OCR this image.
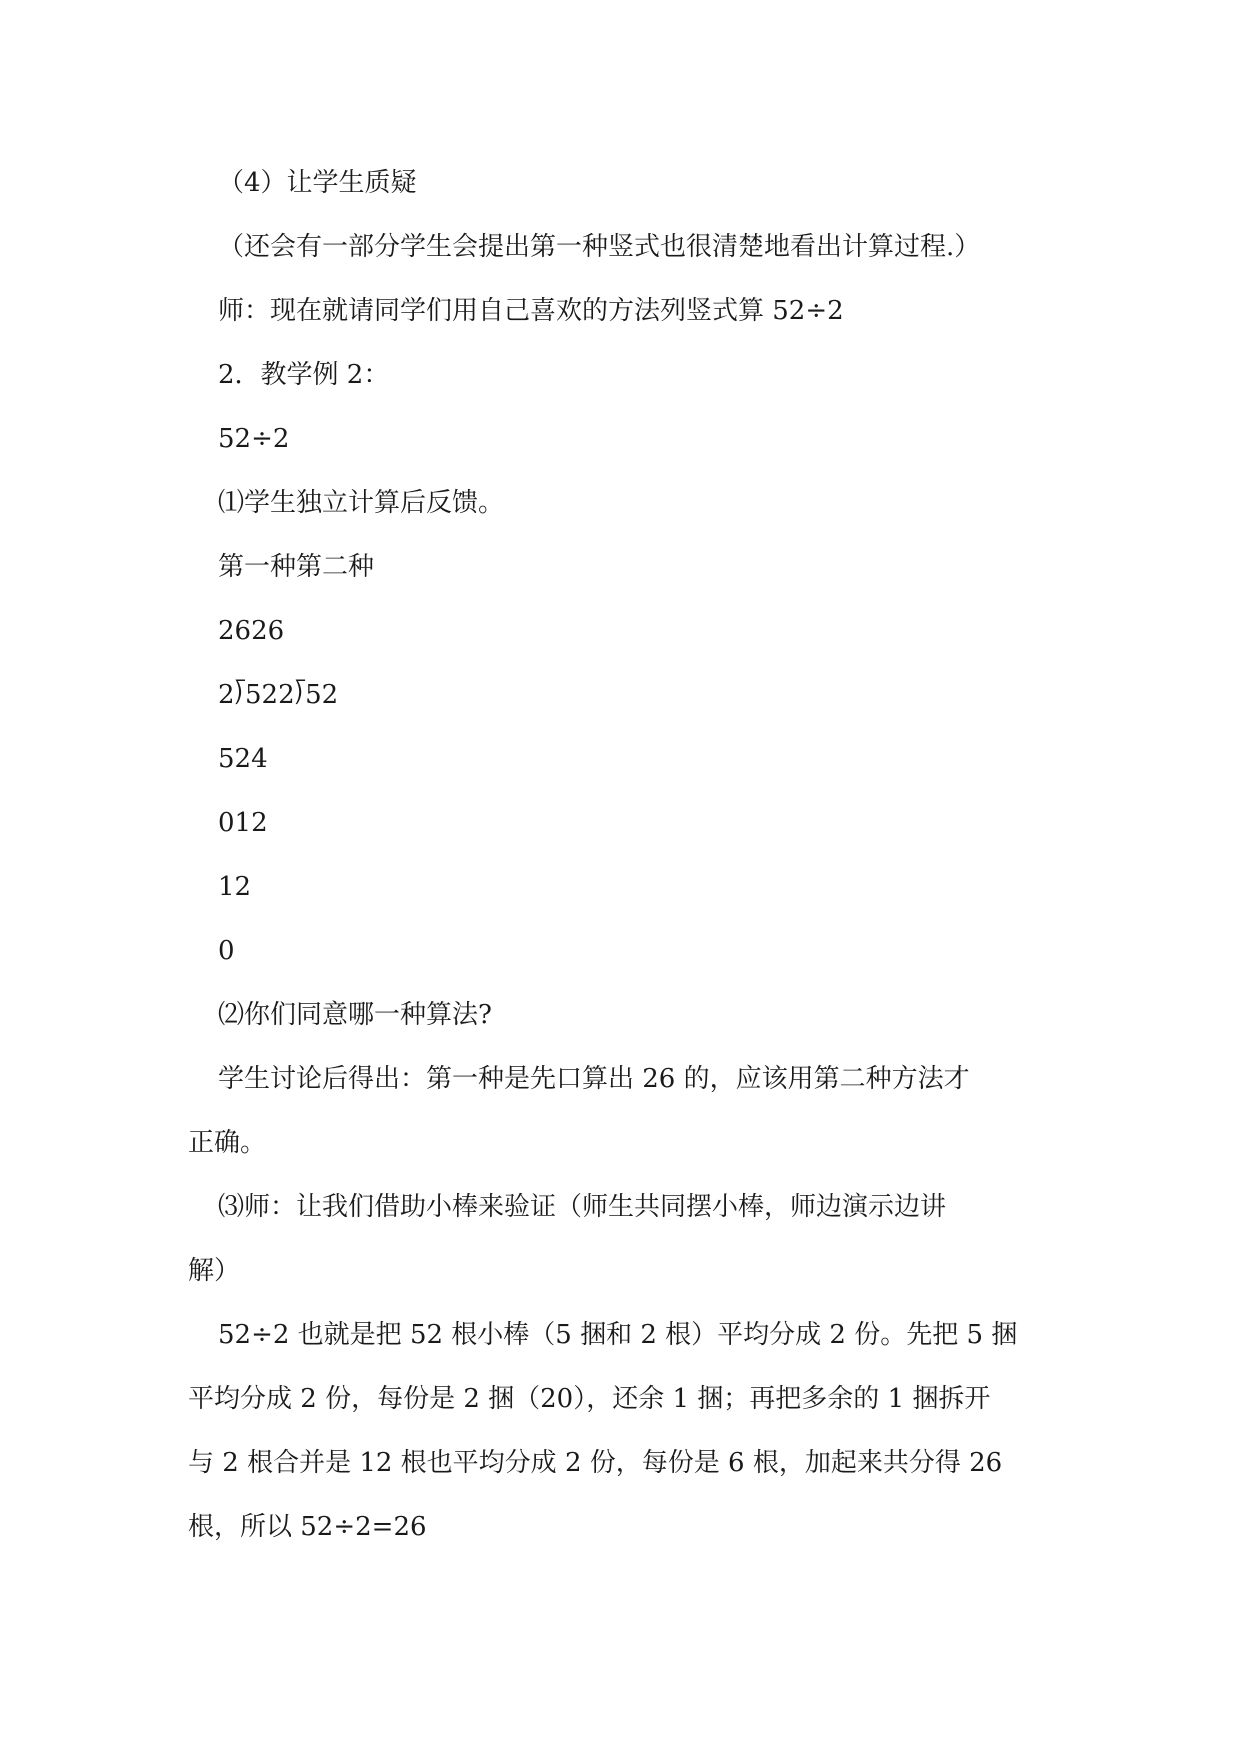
（4）让学生质疑

（还会有一部分学生会提出第一种竖式也很清楚地看出计算过程.）

师：现在就请同学们用自己喜欢的方法列竖式算 52÷2

2．教学例 2：

52÷2

⑴学生独立计算后反馈。

第一种第二种

2626

2⟌522⟌52

524

012

12

0

⑵你们同意哪一种算法?

学生讨论后得出：第一种是先口算出 26 的，应该用第二种方法才

正确。

⑶师：让我们借助小棒来验证（师生共同摆小棒，师边演示边讲

解）

52÷2 也就是把 52 根小棒（5 捆和 2 根）平均分成 2 份。先把 5 捆

平均分成 2 份，每份是 2 捆（20），还余 1 捆；再把多余的 1 捆拆开

与 2 根合并是 12 根也平均分成 2 份，每份是 6 根，加起来共分得 26

根，所以 52÷2=26
